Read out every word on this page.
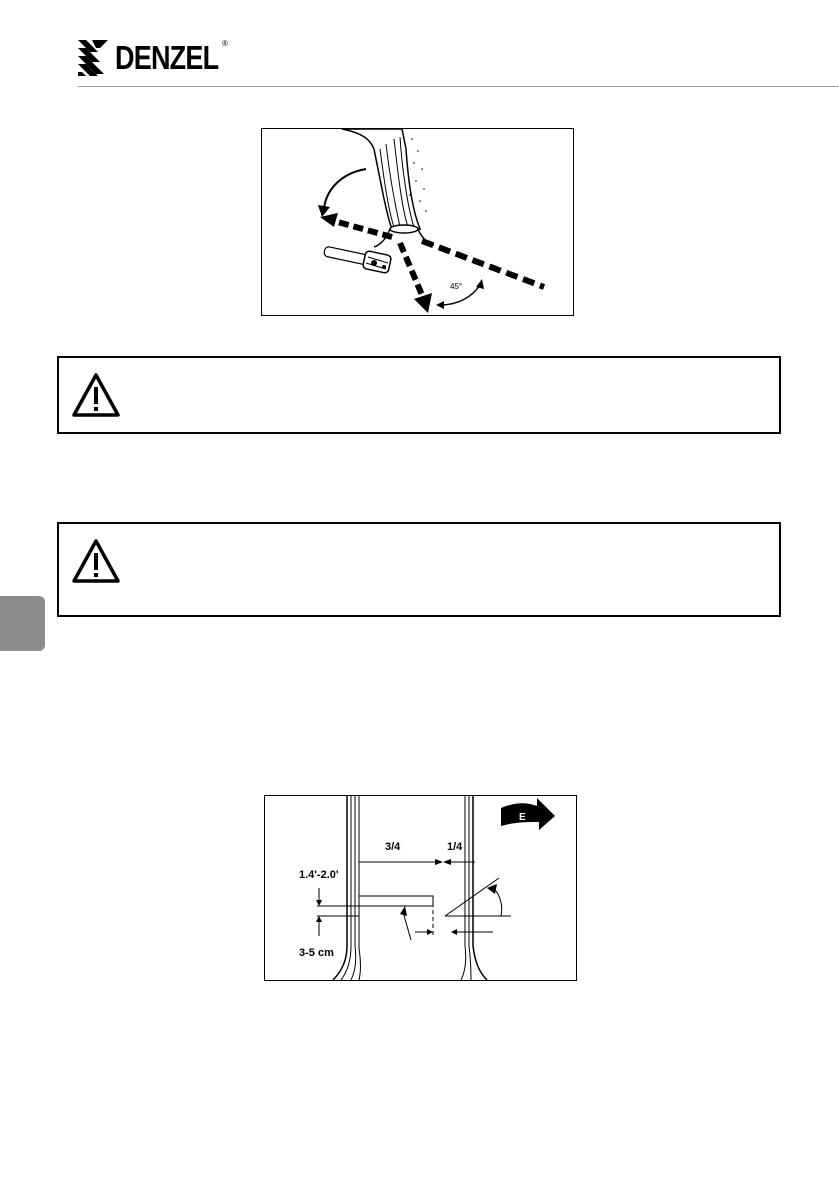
DENZEL ®
45°
3/4	1/4
1.4'-2.0'
3-5 cm
E
